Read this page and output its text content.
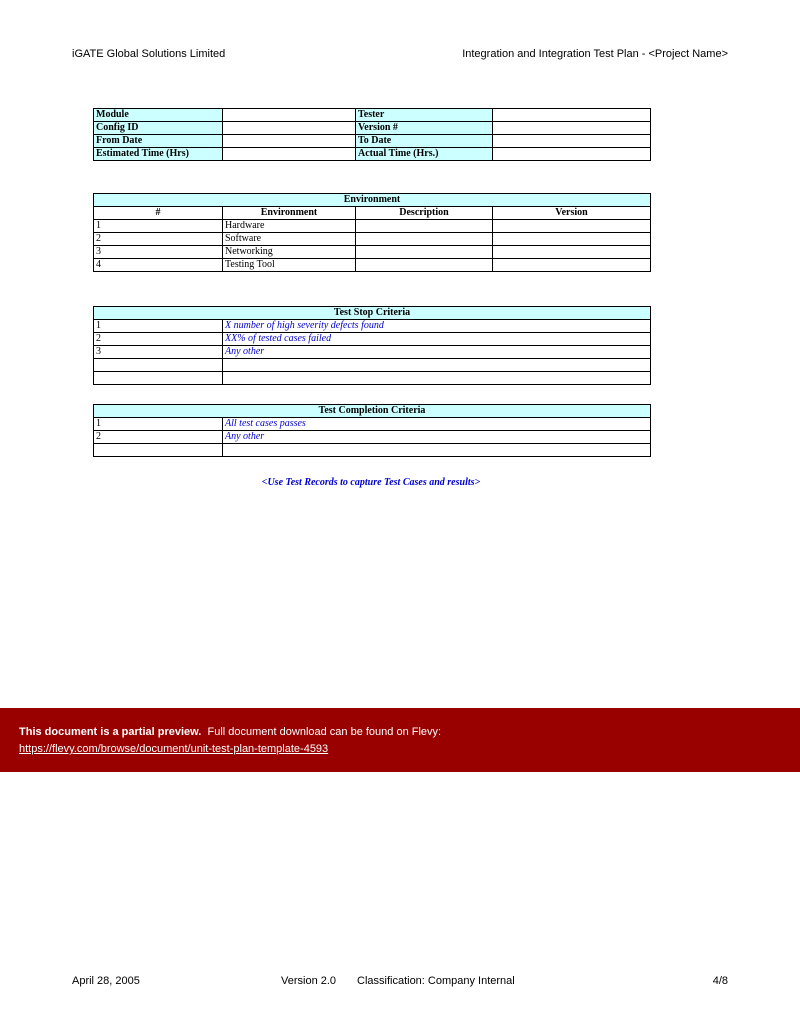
iGATE Global Solutions Limited	Integration and Integration Test Plan - <Project Name>
Module		Tester	
Config ID		Version #	
From Date		To Date	
Estimated Time (Hrs)		Actual Time (Hrs.)	
Environment			
#	Environment	Description	Version
1	Hardware		
2	Software		
3	Networking		
4	Testing Tool		
Test Stop Criteria	
1	X number of high severity defects found
2	XX% of tested cases failed
3	Any other

Test Completion Criteria	
1	All test cases passes
2	Any other

<Use Test Records to capture Test Cases and results>
This document is a partial preview. Full document download can be found on Flevy:
https://flevy.com/browse/document/unit-test-plan-template-4593
April 28, 2005	Version 2.0 Classification: Company Internal	4/8
